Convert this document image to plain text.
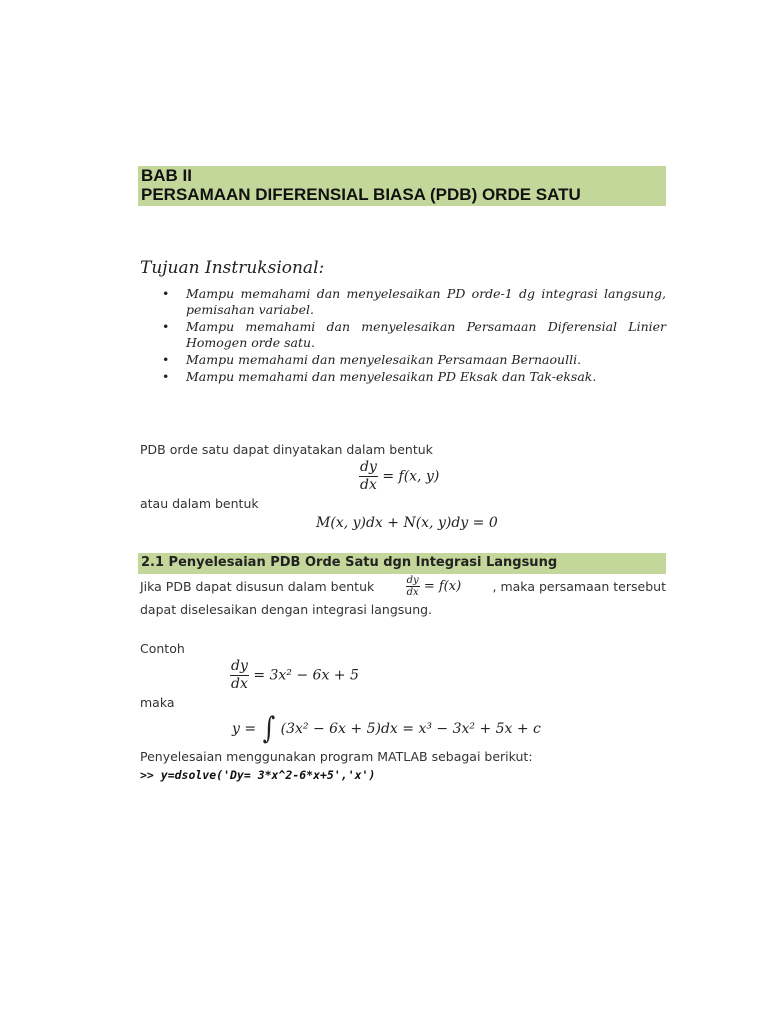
BAB II
PERSAMAAN DIFERENSIAL BIASA (PDB) ORDE SATU
Tujuan Instruksional:
• Mampu memahami dan menyelesaikan PD orde-1 dg integrasi langsung, pemisahan variabel.
• Mampu memahami dan menyelesaikan Persamaan Diferensial Linier Homogen orde satu.
• Mampu memahami dan menyelesaikan Persamaan Bernaoulli.
• Mampu memahami dan menyelesaikan PD Eksak dan Tak-eksak.
PDB orde satu dapat dinyatakan dalam bentuk
$\frac{dy}{dx} = f(x$, y)
atau dalam bentuk
M(x, y)dx + N(x, y)dy = 0
2.1 Penyelesaian PDB Orde Satu dgn Integrasi Langsung
Jika PDB dapat disusun dalam bentuk	$\frac{dy}{dx} = f(x)$	, maka persamaan tersebut
dapat diselesaikan dengan integrasi langsung.
Contoh
$\frac{dy}{dx} = 3x^2 - 6x + 5$
maka
y = ∫ (3x² − 6x + 5)dx = x³ − 3x² + 5x + c
Penyelesaian menggunakan program MATLAB sebagai berikut:
>> y=dsolve('Dy= 3*x^2-6*x+5','x')
